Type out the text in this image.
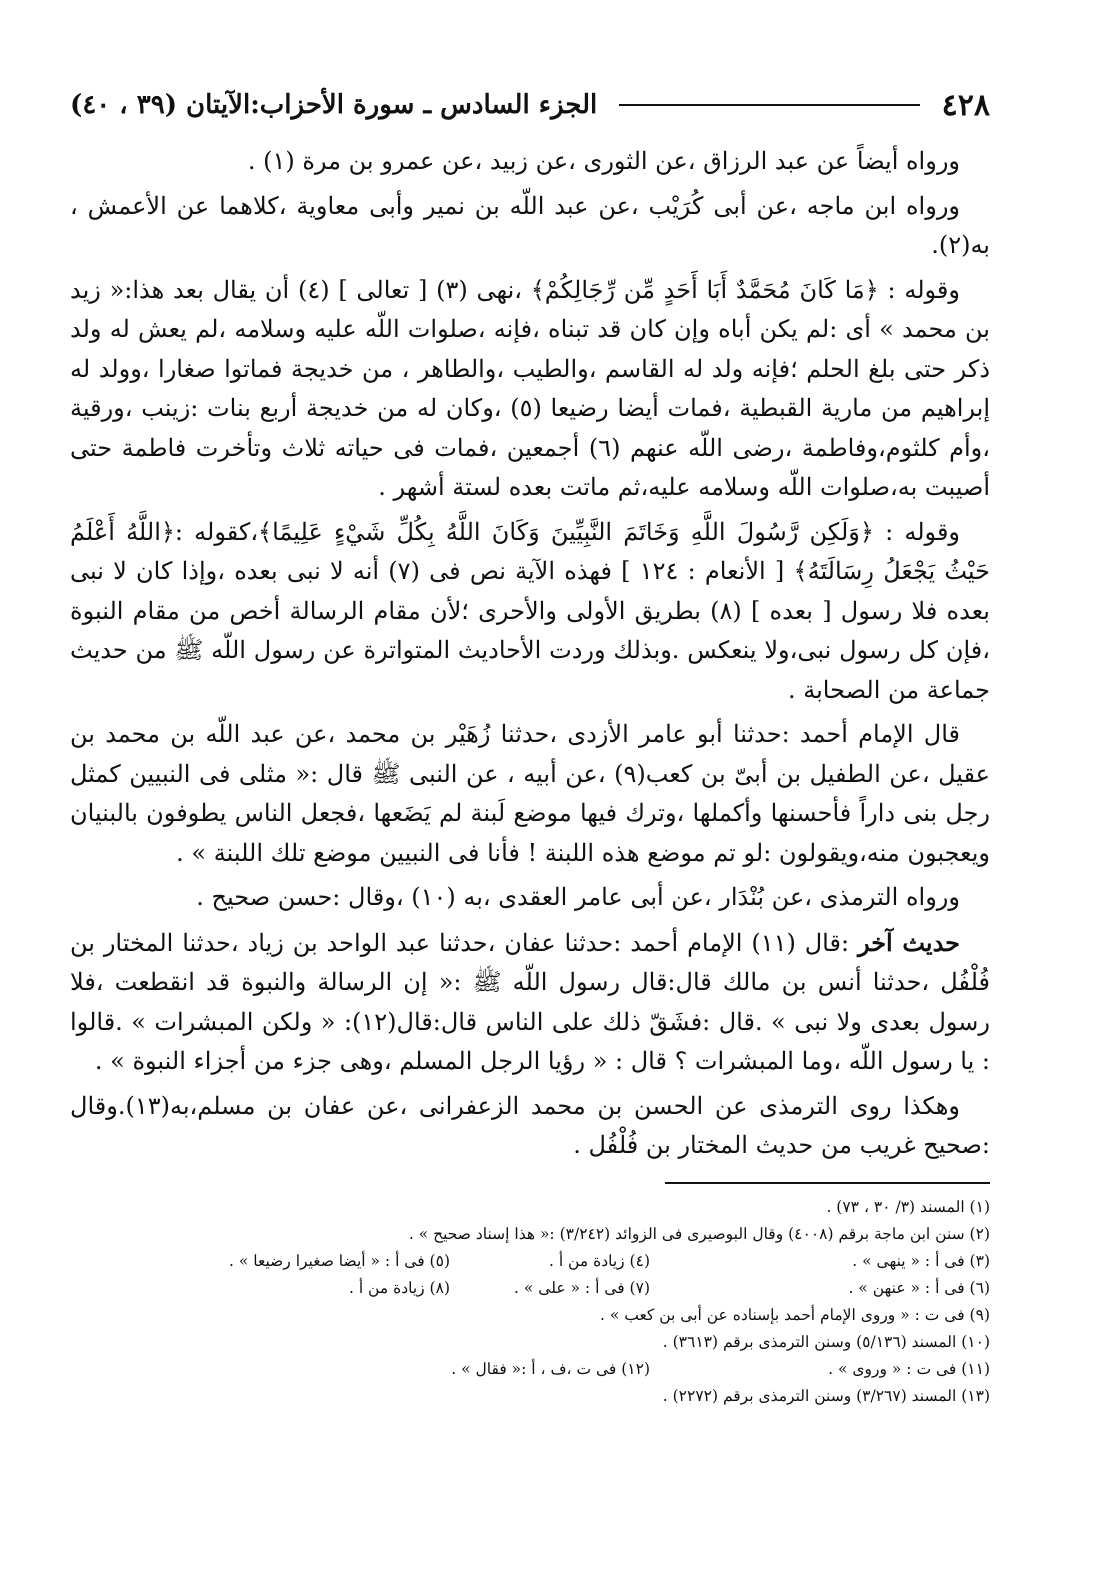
٤٢٨
الجزء السادس ـ سورة الأحزاب:الآيتان (٣٩ ، ٤٠)

ورواه أيضاً عن عبد الرزاق ،عن الثورى ،عن زبيد ،عن عمرو بن مرة (١) .

ورواه ابن ماجه ،عن أبى كُرَيْب ،عن عبد اللّه بن نمير وأبى معاوية ،كلاهما عن الأعمش ، به(٢).

وقوله : ﴿مَا كَانَ مُحَمَّدٌ أَبَا أَحَدٍ مِّن رِّجَالِكُمْ﴾ ،نهى (٣) [ تعالى ] (٤) أن يقال بعد هذا:« زيد بن محمد » أى :لم يكن أباه وإن كان قد تبناه ،فإنه ،صلوات اللّه عليه وسلامه ،لم يعش له ولد ذكر حتى بلغ الحلم ؛فإنه ولد له القاسم ،والطيب ،والطاهر ، من خديجة فماتوا صغارا ،وولد له إبراهيم من مارية القبطية ،فمات أيضا رضيعا (٥) ،وكان له من خديجة أربع بنات :زينب ،ورقية ،وأم كلثوم،وفاطمة ،رضى اللّه عنهم (٦) أجمعين ،فمات فى حياته ثلاث وتأخرت فاطمة حتى أصيبت به،صلوات اللّه وسلامه عليه،ثم ماتت بعده لستة أشهر .

وقوله : ﴿وَلَكِن رَّسُولَ اللَّهِ وَخَاتَمَ النَّبِيِّينَ وَكَانَ اللَّهُ بِكُلِّ شَيْءٍ عَلِيمًا﴾،كقوله :﴿اللَّهُ أَعْلَمُ حَيْثُ يَجْعَلُ رِسَالَتَهُ﴾ [ الأنعام : ١٢٤ ] فهذه الآية نص فى (٧) أنه لا نبى بعده ،وإذا كان لا نبى بعده فلا رسول [ بعده ] (٨) بطريق الأولى والأحرى ؛لأن مقام الرسالة أخص من مقام النبوة ،فإن كل رسول نبى،ولا ينعكس .وبذلك وردت الأحاديث المتواترة عن رسول اللّه ﷺ من حديث جماعة من الصحابة .

قال الإمام أحمد :حدثنا أبو عامر الأزدى ،حدثنا زُهَيْر بن محمد ،عن عبد اللّه بن محمد بن عقيل ،عن الطفيل بن أبىّ بن كعب(٩) ،عن أبيه ، عن النبى ﷺ قال :« مثلى فى النبيين كمثل رجل بنى داراً فأحسنها وأكملها ،وترك فيها موضع لَبنة لم يَضَعها ،فجعل الناس يطوفون بالبنيان ويعجبون منه،ويقولون :لو تم موضع هذه اللبنة ! فأنا فى النبيين موضع تلك اللبنة » .

ورواه الترمذى ،عن بُنْدَار ،عن أبى عامر العقدى ،به (١٠) ،وقال :حسن صحيح .

حديث آخر :قال (١١) الإمام أحمد :حدثنا عفان ،حدثنا عبد الواحد بن زياد ،حدثنا المختار بن فُلْفُل ،حدثنا أنس بن مالك قال:قال رسول اللّه ﷺ :« إن الرسالة والنبوة قد انقطعت ،فلا رسول بعدى ولا نبى » .قال :فشَقّ ذلك على الناس قال:قال(١٢): « ولكن المبشرات » .قالوا : يا رسول اللّه ،وما المبشرات ؟ قال : « رؤيا الرجل المسلم ،وهى جزء من أجزاء النبوة » .

وهكذا روى الترمذى عن الحسن بن محمد الزعفرانى ،عن عفان بن مسلم،به(١٣).وقال :صحيح غريب من حديث المختار بن فُلْفُل .

(١) المسند (٣/ ٣٠ ، ٧٣) .
(٢) سنن ابن ماجة برقم (٤٠٠٨) وقال البوصيرى فى الزوائد (٣/٢٤٢) :« هذا إسناد صحيح » .
(٣) فى أ : « ينهى » .
(٤) زيادة من أ .
(٥) فى أ : « أيضا صغيرا رضيعا » .
(٦) فى أ : « عنهن » .
(٧) فى أ : « على » .
(٨) زيادة من أ .
(٩) فى ت : « وروى الإمام أحمد بإسناده عن أبى بن كعب » .
(١٠) المسند (٥/١٣٦) وسنن الترمذى برقم (٣٦١٣) .
(١١) فى ت : « وروى » .
(١٢) فى ت ،ف ، أ :« فقال » .
(١٣) المسند (٣/٢٦٧) وسنن الترمذى برقم (٢٢٧٢) .
